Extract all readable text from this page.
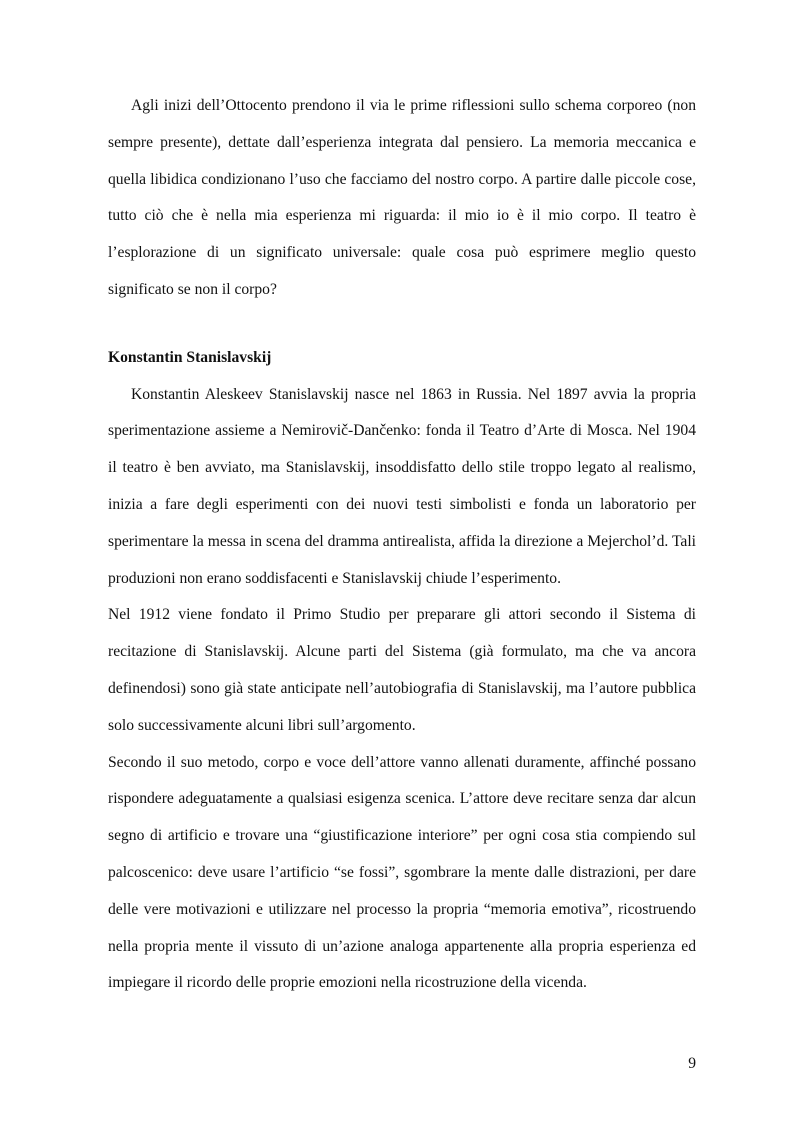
Agli inizi dell’Ottocento prendono il via le prime riflessioni sullo schema corporeo (non sempre presente), dettate dall’esperienza integrata dal pensiero. La memoria meccanica e quella libidica condizionano l’uso che facciamo del nostro corpo. A partire dalle piccole cose, tutto ciò che è nella mia esperienza mi riguarda: il mio io è il mio corpo. Il teatro è l’esplorazione di un significato universale: quale cosa può esprimere meglio questo significato se non il corpo?

Konstantin Stanislavskij

Konstantin Aleskeev Stanislavskij nasce nel 1863 in Russia. Nel 1897 avvia la propria sperimentazione assieme a Nemirovič-Dančenko: fonda il Teatro d’Arte di Mosca. Nel 1904 il teatro è ben avviato, ma Stanislavskij, insoddisfatto dello stile troppo legato al realismo, inizia a fare degli esperimenti con dei nuovi testi simbolisti e fonda un laboratorio per sperimentare la messa in scena del dramma antirealista, affida la direzione a Mejerchol’d. Tali produzioni non erano soddisfacenti e Stanislavskij chiude l’esperimento.

Nel 1912 viene fondato il Primo Studio per preparare gli attori secondo il Sistema di recitazione di Stanislavskij. Alcune parti del Sistema (già formulato, ma che va ancora definendosi) sono già state anticipate nell’autobiografia di Stanislavskij, ma l’autore pubblica solo successivamente alcuni libri sull’argomento.

Secondo il suo metodo, corpo e voce dell’attore vanno allenati duramente, affinché possano rispondere adeguatamente a qualsiasi esigenza scenica. L’attore deve recitare senza dar alcun segno di artificio e trovare una “giustificazione interiore” per ogni cosa stia compiendo sul palcoscenico: deve usare l’artificio “se fossi”, sgombrare la mente dalle distrazioni, per dare delle vere motivazioni e utilizzare nel processo la propria “memoria emotiva”, ricostruendo nella propria mente il vissuto di un’azione analoga appartenente alla propria esperienza ed impiegare il ricordo delle proprie emozioni nella ricostruzione della vicenda.

9
